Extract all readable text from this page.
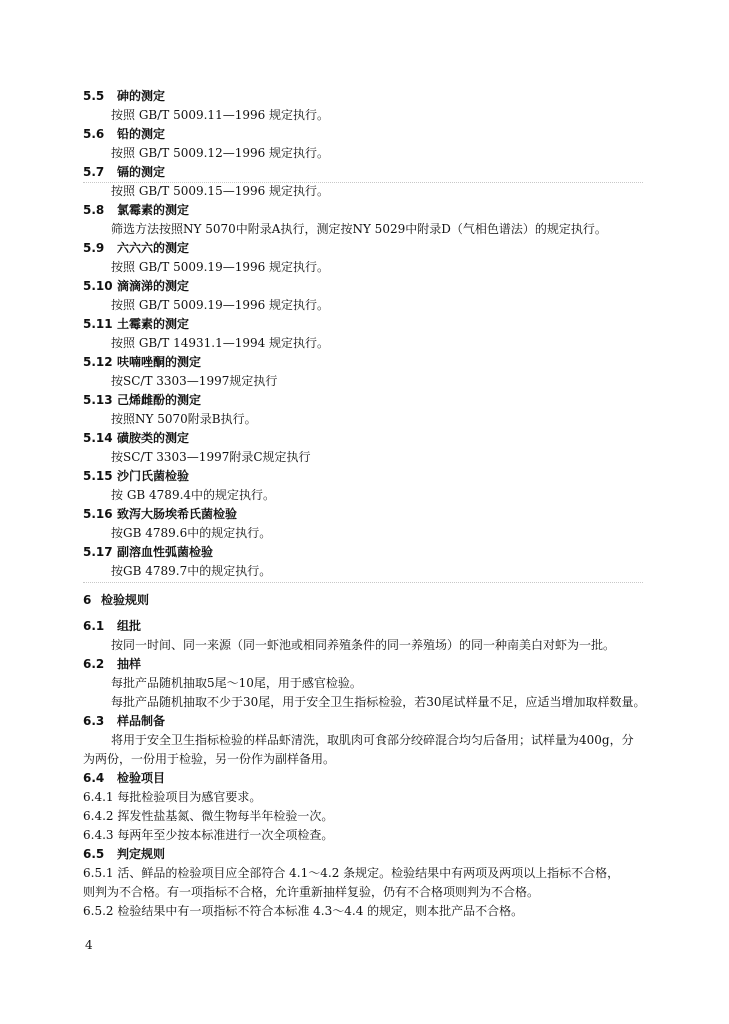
5.5 砷的测定
按照 GB/T 5009.11—1996 规定执行。
5.6 铅的测定
按照 GB/T 5009.12—1996 规定执行。
5.7 镉的测定
按照 GB/T 5009.15—1996 规定执行。
5.8 氯霉素的测定
筛选方法按照NY 5070中附录A执行，测定按NY 5029中附录D（气相色谱法）的规定执行。
5.9 六六六的测定
按照 GB/T 5009.19—1996 规定执行。
5.10 滴滴涕的测定
按照 GB/T 5009.19—1996 规定执行。
5.11 土霉素的测定
按照 GB/T 14931.1—1994 规定执行。
5.12 呋喃唑酮的测定
按SC/T 3303—1997规定执行
5.13 己烯雌酚的测定
按照NY 5070附录B执行。
5.14 磺胺类的测定
按SC/T 3303—1997附录C规定执行
5.15 沙门氏菌检验
按 GB 4789.4中的规定执行。
5.16 致泻大肠埃希氏菌检验
按GB 4789.6中的规定执行。
5.17 副溶血性弧菌检验
按GB 4789.7中的规定执行。
6 检验规则
6.1 组批
按同一时间、同一来源（同一虾池或相同养殖条件的同一养殖场）的同一种南美白对虾为一批。
6.2 抽样
每批产品随机抽取5尾～10尾，用于感官检验。
每批产品随机抽取不少于30尾，用于安全卫生指标检验，若30尾试样量不足，应适当增加取样数量。
6.3 样品制备
将用于安全卫生指标检验的样品虾清洗，取肌肉可食部分绞碎混合均匀后备用；试样量为400g，分
为两份，一份用于检验，另一份作为副样备用。
6.4 检验项目
6.4.1 每批检验项目为感官要求。
6.4.2 挥发性盐基氮、微生物每半年检验一次。
6.4.3 每两年至少按本标准进行一次全项检查。
6.5 判定规则
6.5.1 活、鲜品的检验项目应全部符合 4.1～4.2 条规定。检验结果中有两项及两项以上指标不合格，
则判为不合格。有一项指标不合格，允许重新抽样复验，仍有不合格项则判为不合格。
6.5.2 检验结果中有一项指标不符合本标准 4.3～4.4 的规定，则本批产品不合格。
4
